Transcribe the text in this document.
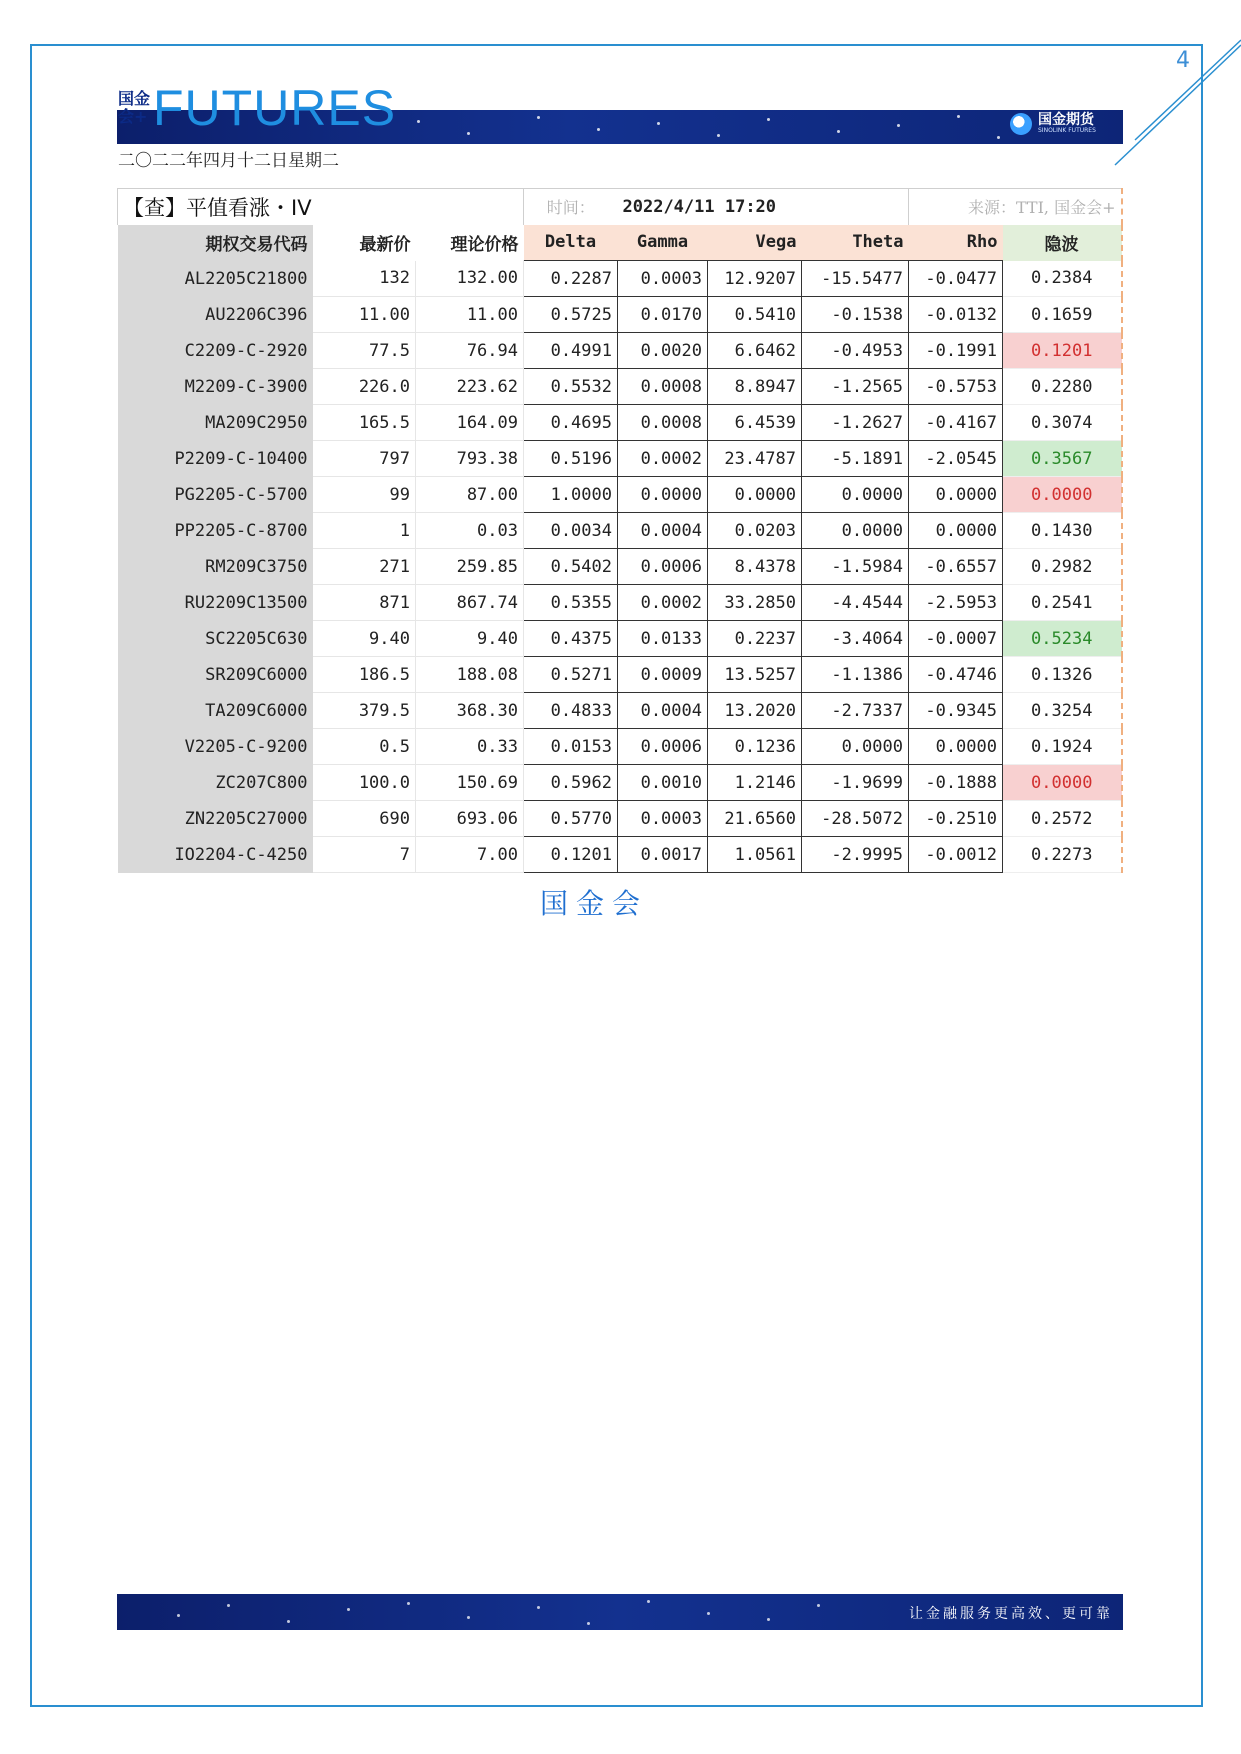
4
国金会+ FUTURES	国金期货
SINOLINK FUTURES
二〇二二年四月十二日星期二
【查】平值看涨・IV			时间：	2022/4/11 17:20			来源：TTI, 国金会+	
期权交易代码	最新价	理论价格	Delta	Gamma	Vega	Theta	Rho	隐波
AL2205C21800	132	132.00	0.2287	0.0003	12.9207	-15.5477	-0.0477	0.2384
AU2206C396	11.00	11.00	0.5725	0.0170	0.5410	-0.1538	-0.0132	0.1659
C2209-C-2920	77.5	76.94	0.4991	0.0020	6.6462	-0.4953	-0.1991	0.1201
M2209-C-3900	226.0	223.62	0.5532	0.0008	8.8947	-1.2565	-0.5753	0.2280
MA209C2950	165.5	164.09	0.4695	0.0008	6.4539	-1.2627	-0.4167	0.3074
P2209-C-10400	797	793.38	0.5196	0.0002	23.4787	-5.1891	-2.0545	0.3567
PG2205-C-5700	99	87.00	1.0000	0.0000	0.0000	0.0000	0.0000	0.0000
PP2205-C-8700	1	0.03	0.0034	0.0004	0.0203	0.0000	0.0000	0.1430
RM209C3750	271	259.85	0.5402	0.0006	8.4378	-1.5984	-0.6557	0.2982
RU2209C13500	871	867.74	0.5355	0.0002	33.2850	-4.4544	-2.5953	0.2541
SC2205C630	9.40	9.40	0.4375	0.0133	0.2237	-3.4064	-0.0007	0.5234
SR209C6000	186.5	188.08	0.5271	0.0009	13.5257	-1.1386	-0.4746	0.1326
TA209C6000	379.5	368.30	0.4833	0.0004	13.2020	-2.7337	-0.9345	0.3254
V2205-C-9200	0.5	0.33	0.0153	0.0006	0.1236	0.0000	0.0000	0.1924
ZC207C800	100.0	150.69	0.5962	0.0010	1.2146	-1.9699	-0.1888	0.0000
ZN2205C27000	690	693.06	0.5770	0.0003	21.6560	-28.5072	-0.2510	0.2572
IO2204-C-4250	7	7.00	0.1201	0.0017	1.0561	-2.9995	-0.0012	0.2273
国金会
让金融服务更高效、更可靠
